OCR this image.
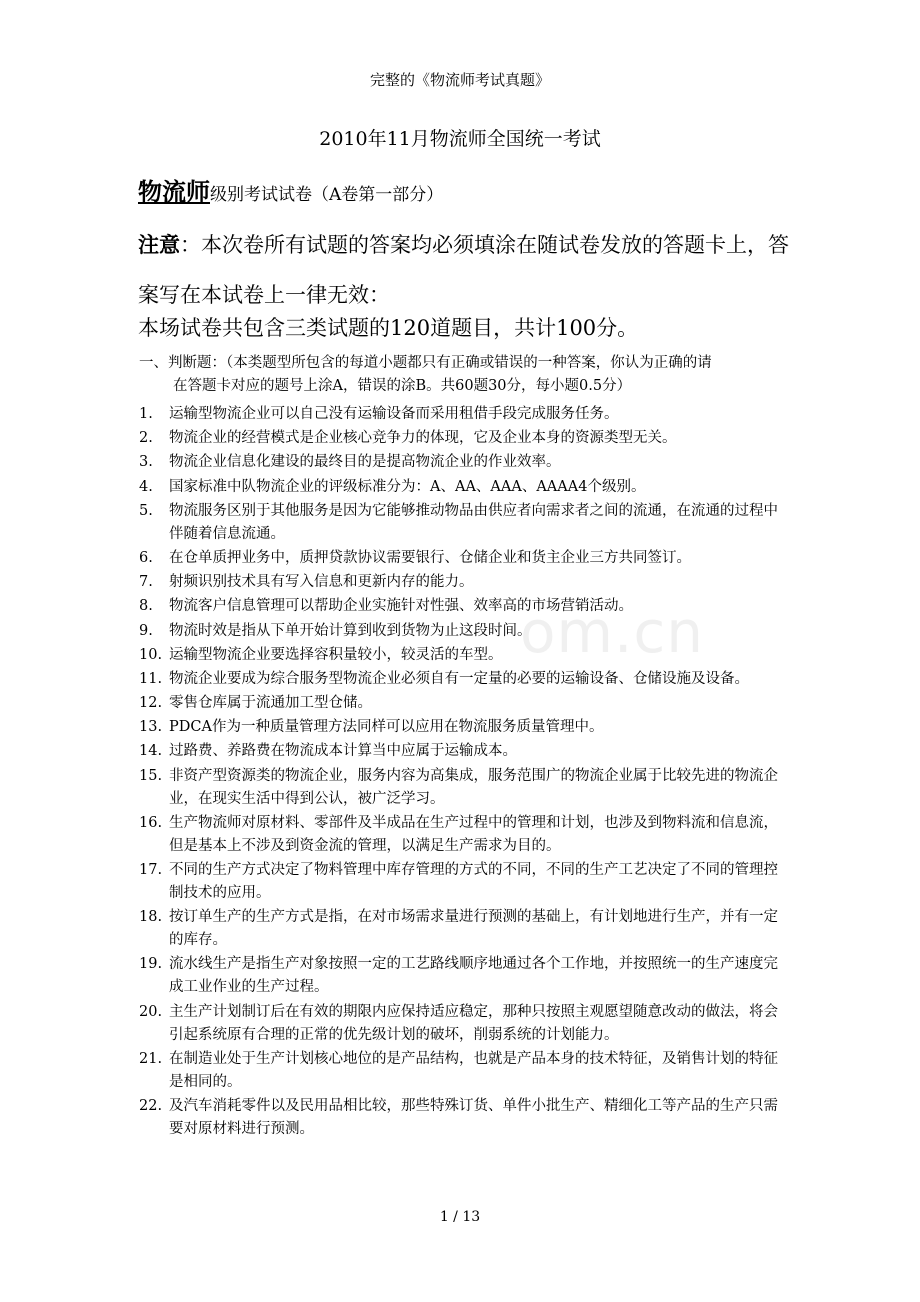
om.cn
完整的《物流师考试真题》
2010年11月物流师全国统一考试
物流师级别考试试卷（A卷第一部分）
注意：本次卷所有试题的答案均必须填涂在随试卷发放的答题卡上，答案写在本试卷上一律无效：
本场试卷共包含三类试题的120道题目，共计100分。
一、判断题：（本类题型所包含的每道小题都只有正确或错误的一种答案，你认为正确的请
在答题卡对应的题号上涂A，错误的涂B。共60题30分，每小题0.5分）
1. 运输型物流企业可以自己没有运输设备而采用租借手段完成服务任务。
2. 物流企业的经营模式是企业核心竞争力的体现，它及企业本身的资源类型无关。
3. 物流企业信息化建设的最终目的是提高物流企业的作业效率。
4. 国家标准中队物流企业的评级标准分为：A、AA、AAA、AAAA4个级别。
5. 物流服务区别于其他服务是因为它能够推动物品由供应者向需求者之间的流通，在流通的过程中伴随着信息流通。
6. 在仓单质押业务中，质押贷款协议需要银行、仓储企业和货主企业三方共同签订。
7. 射频识别技术具有写入信息和更新内存的能力。
8. 物流客户信息管理可以帮助企业实施针对性强、效率高的市场营销活动。
9. 物流时效是指从下单开始计算到收到货物为止这段时间。
10. 运输型物流企业要选择容积量较小，较灵活的车型。
11. 物流企业要成为综合服务型物流企业必须自有一定量的必要的运输设备、仓储设施及设备。
12. 零售仓库属于流通加工型仓储。
13. PDCA作为一种质量管理方法同样可以应用在物流服务质量管理中。
14. 过路费、养路费在物流成本计算当中应属于运输成本。
15. 非资产型资源类的物流企业，服务内容为高集成，服务范围广的物流企业属于比较先进的物流企业，在现实生活中得到公认，被广泛学习。
16. 生产物流师对原材料、零部件及半成品在生产过程中的管理和计划，也涉及到物料流和信息流，但是基本上不涉及到资金流的管理，以满足生产需求为目的。
17. 不同的生产方式决定了物料管理中库存管理的方式的不同，不同的生产工艺决定了不同的管理控制技术的应用。
18. 按订单生产的生产方式是指，在对市场需求量进行预测的基础上，有计划地进行生产，并有一定的库存。
19. 流水线生产是指生产对象按照一定的工艺路线顺序地通过各个工作地，并按照统一的生产速度完成工业作业的生产过程。
20. 主生产计划制订后在有效的期限内应保持适应稳定，那种只按照主观愿望随意改动的做法，将会引起系统原有合理的正常的优先级计划的破坏，削弱系统的计划能力。
21. 在制造业处于生产计划核心地位的是产品结构，也就是产品本身的技术特征，及销售计划的特征是相同的。
22. 及汽车消耗零件以及民用品相比较，那些特殊订货、单件小批生产、精细化工等产品的生产只需要对原材料进行预测。
1 / 13
